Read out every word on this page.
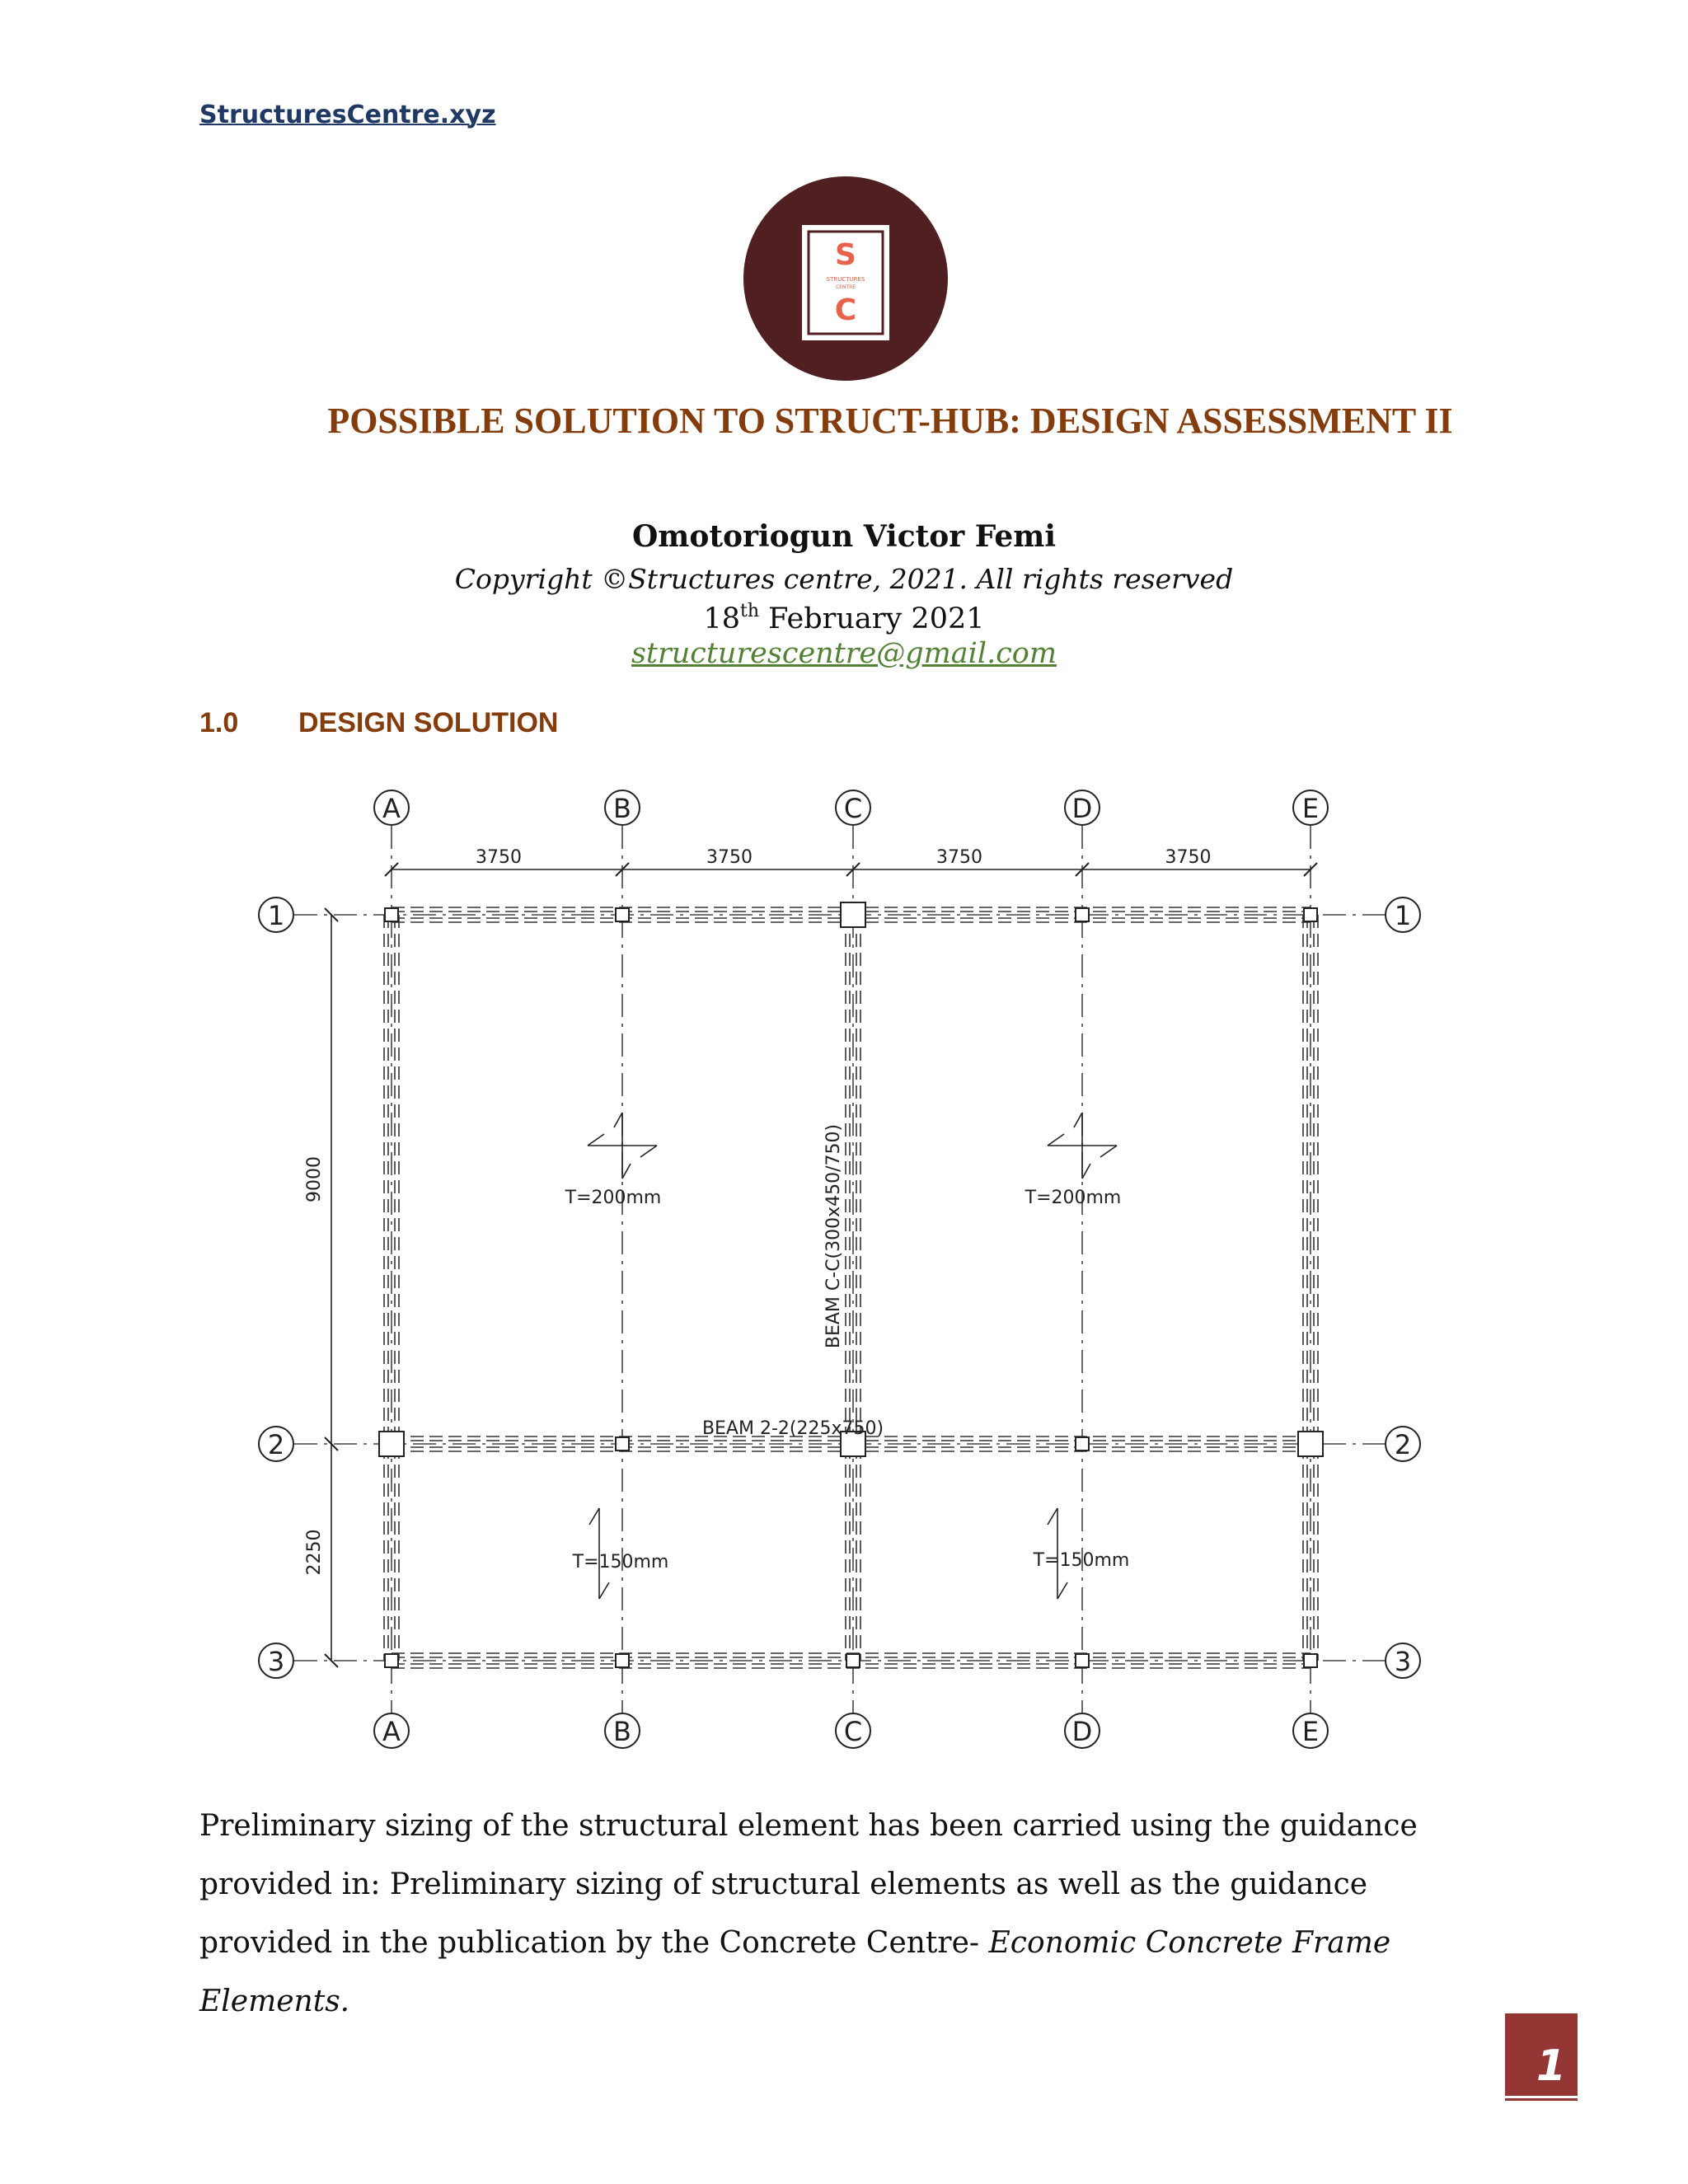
StructuresCentre.xyz
S
STRUCTURES
CENTRE
C
POSSIBLE SOLUTION TO STRUCT-HUB: DESIGN ASSESSMENT II
Omotoriogun Victor Femi
Copyright ©Structures centre, 2021. All rights reserved
18th February 2021
structurescentre@gmail.com
1.0 DESIGN SOLUTION
A
A
B
B
C
C
D
D
E
E
1	1
2	2
3	3
3750	3750	3750	3750
9000
2250
T=200mm	T=200mm
T=150mm	T=150mm
BEAM C-C(300x450/750)
BEAM 2-2(225x750)
Preliminary sizing of the structural element has been carried using the guidance provided in: Preliminary sizing of structural elements as well as the guidance provided in the publication by the Concrete Centre- Economic Concrete Frame Elements.
1
